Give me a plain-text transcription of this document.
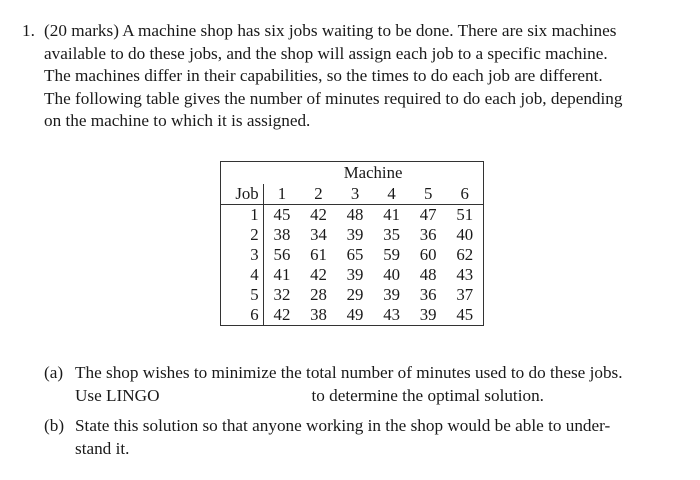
1. (20 marks) A machine shop has six jobs waiting to be done. There are six machines
available to do these jobs, and the shop will assign each job to a specific machine.
The machines differ in their capabilities, so the times to do each job are different.
The following table gives the number of minutes required to do each job, depending
on the machine to which it is assigned.
	Machine					
Job	1	2	3	4	5	6
1	45	42	48	41	47	51
2	38	34	39	35	36	40
3	56	61	65	59	60	62
4	41	42	39	40	48	43
5	32	28	29	39	36	37
6	42	38	49	43	39	45
(a) The shop wishes to minimize the total number of minutes used to do these jobs.
Use LINGO	to determine the optimal solution.
(b) State this solution so that anyone working in the shop would be able to under-
stand it.
